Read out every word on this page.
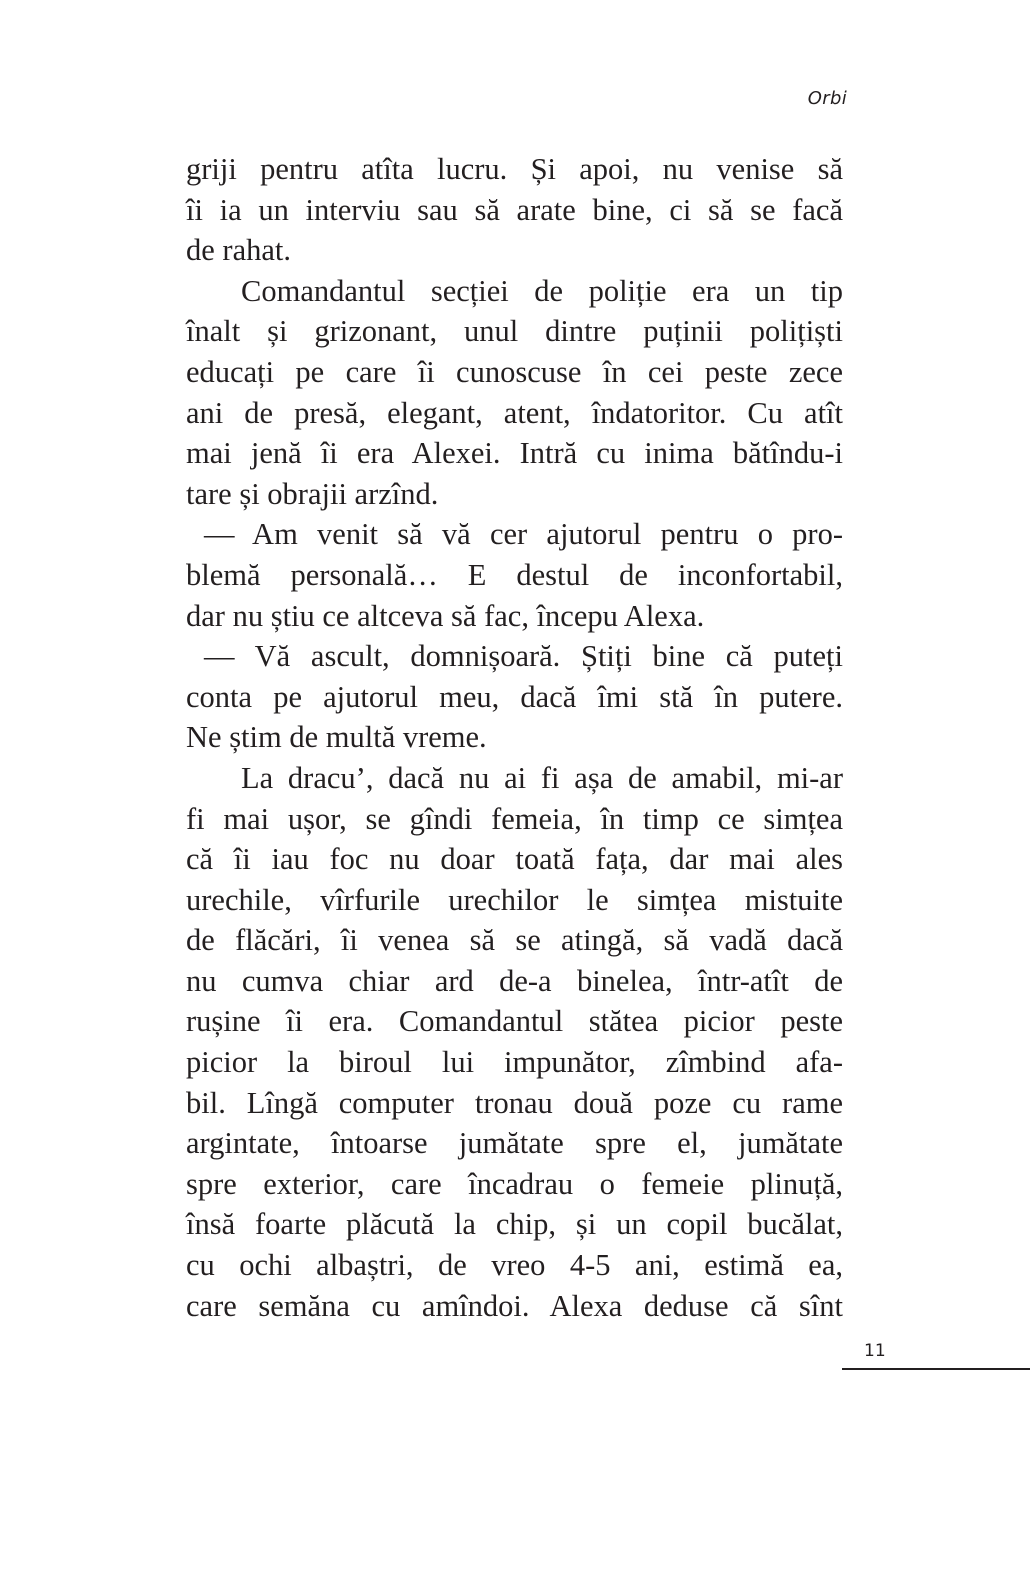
Orbi
griji pentru atîta lucru. Și apoi, nu venise să
îi ia un interviu sau să arate bine, ci să se facă
de rahat.
Comandantul secției de poliție era un tip
înalt și grizonant, unul dintre puținii polițiști
educați pe care îi cunoscuse în cei peste zece
ani de presă, elegant, atent, îndatoritor. Cu atît
mai jenă îi era Alexei. Intră cu inima bătîndu-i
tare și obrajii arzînd.
— Am venit să vă cer ajutorul pentru o pro-
blemă personală… E destul de inconfortabil,
dar nu știu ce altceva să fac, începu Alexa.
— Vă ascult, domnișoară. Știți bine că puteți
conta pe ajutorul meu, dacă îmi stă în putere.
Ne știm de multă vreme.
La dracu’, dacă nu ai fi așa de amabil, mi-ar
fi mai ușor, se gîndi femeia, în timp ce simțea
că îi iau foc nu doar toată fața, dar mai ales
urechile, vîrfurile urechilor le simțea mistuite
de flăcări, îi venea să se atingă, să vadă dacă
nu cumva chiar ard de-a binelea, într-atît de
rușine îi era. Comandantul stătea picior peste
picior la biroul lui impunător, zîmbind afa-
bil. Lîngă computer tronau două poze cu rame
argintate, întoarse jumătate spre el, jumătate
spre exterior, care încadrau o femeie plinuță,
însă foarte plăcută la chip, și un copil bucălat,
cu ochi albaștri, de vreo 4-5 ani, estimă ea,
care semăna cu amîndoi. Alexa deduse că sînt
11
